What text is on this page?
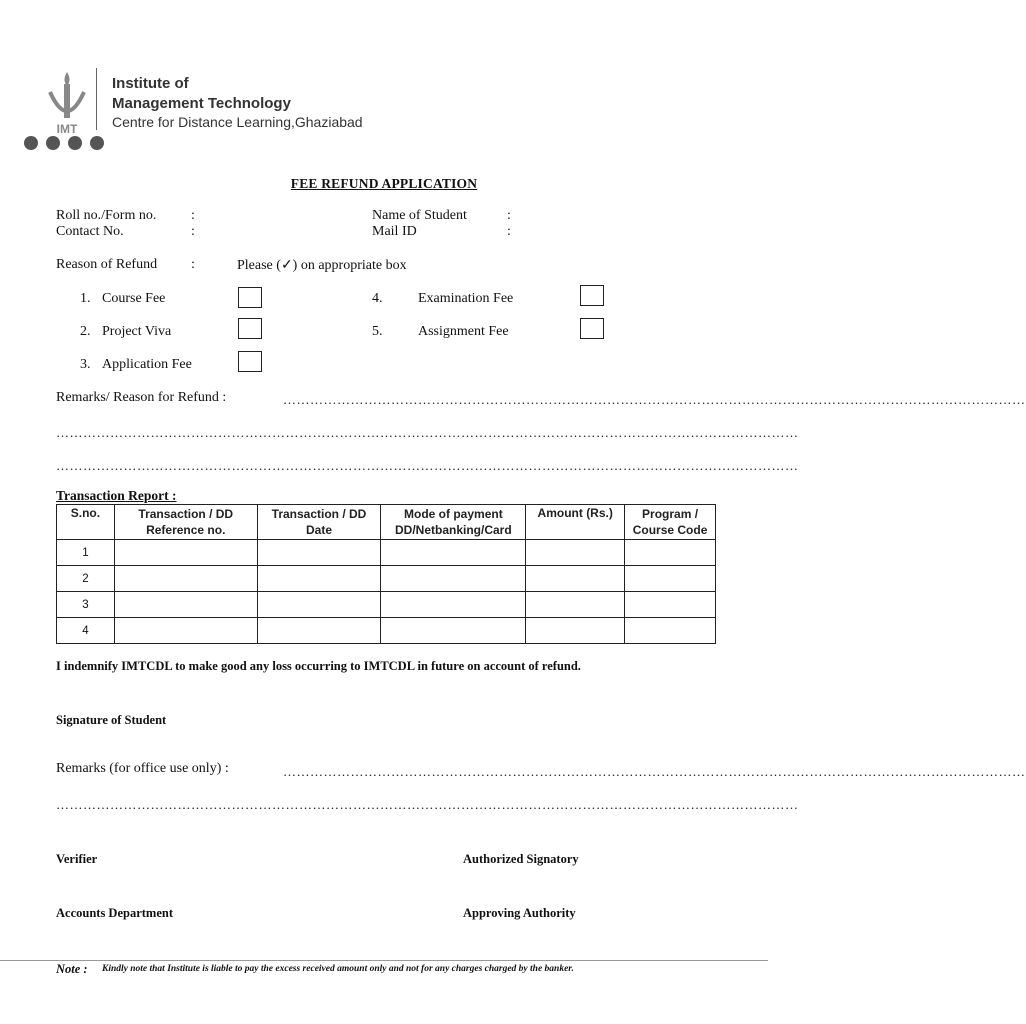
IMT
Institute of
Management Technology
Centre for Distance Learning,Ghaziabad
FEE REFUND APPLICATION
Roll no./Form no. :
Contact No.	:
Name of Student	:
Mail ID	:
Reason of Refund :	Please (✓) on appropriate box
1. Course Fee
2. Project Viva
3. Application Fee
4.	Examination Fee
5.	Assignment Fee
Remarks/ Reason for Refund :	…………………………………………………………………………………………………………………………………………………
…………………………………………………………………………………………………………………………………………………
…………………………………………………………………………………………………………………………………………………
Transaction Report :
S.no.	Transaction / DD Reference no.	Transaction / DD Date	Mode of payment DD/Netbanking/Card	Amount (Rs.)	Program / Course Code
1					
2					
3					
4					
I indemnify IMTCDL to make good any loss occurring to IMTCDL in future on account of refund.
Signature of Student
Remarks (for office use only) :	…………………………………………………………………………………………………………………………………………………
…………………………………………………………………………………………………………………………………………………
Verifier	Authorized Signatory
Accounts Department	Approving Authority
Note : Kindly note that Institute is liable to pay the excess received amount only and not for any charges charged by the banker.
